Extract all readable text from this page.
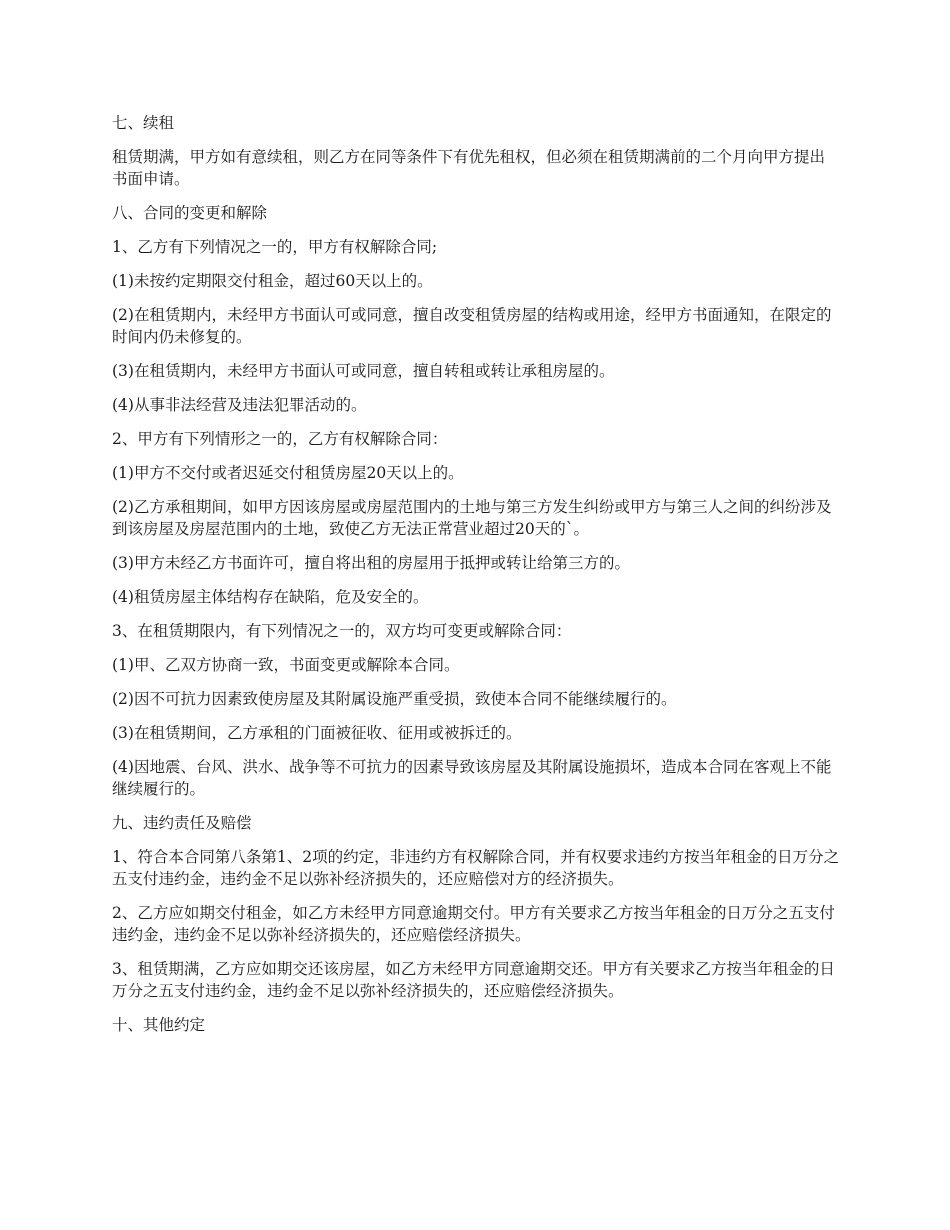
七、续租

租赁期满，甲方如有意续租，则乙方在同等条件下有优先租权，但必须在租赁期满前的二个月向甲方提出书面申请。

八、合同的变更和解除

1、乙方有下列情况之一的，甲方有权解除合同;

(1)未按约定期限交付租金，超过60天以上的。

(2)在租赁期内，未经甲方书面认可或同意，擅自改变租赁房屋的结构或用途，经甲方书面通知，在限定的时间内仍未修复的。

(3)在租赁期内，未经甲方书面认可或同意，擅自转租或转让承租房屋的。

(4)从事非法经营及违法犯罪活动的。

2、甲方有下列情形之一的，乙方有权解除合同：

(1)甲方不交付或者迟延交付租赁房屋20天以上的。

(2)乙方承租期间，如甲方因该房屋或房屋范围内的土地与第三方发生纠纷或甲方与第三人之间的纠纷涉及到该房屋及房屋范围内的土地，致使乙方无法正常营业超过20天的`。

(3)甲方未经乙方书面许可，擅自将出租的房屋用于抵押或转让给第三方的。

(4)租赁房屋主体结构存在缺陷，危及安全的。

3、在租赁期限内，有下列情况之一的，双方均可变更或解除合同：

(1)甲、乙双方协商一致，书面变更或解除本合同。

(2)因不可抗力因素致使房屋及其附属设施严重受损，致使本合同不能继续履行的。

(3)在租赁期间，乙方承租的门面被征收、征用或被拆迁的。

(4)因地震、台风、洪水、战争等不可抗力的因素导致该房屋及其附属设施损坏，造成本合同在客观上不能继续履行的。

九、违约责任及赔偿

1、符合本合同第八条第1、2项的约定，非违约方有权解除合同，并有权要求违约方按当年租金的日万分之五支付违约金，违约金不足以弥补经济损失的，还应赔偿对方的经济损失。

2、乙方应如期交付租金，如乙方未经甲方同意逾期交付。甲方有关要求乙方按当年租金的日万分之五支付违约金，违约金不足以弥补经济损失的，还应赔偿经济损失。

3、租赁期满，乙方应如期交还该房屋，如乙方未经甲方同意逾期交还。甲方有关要求乙方按当年租金的日万分之五支付违约金，违约金不足以弥补经济损失的，还应赔偿经济损失。

十、其他约定
